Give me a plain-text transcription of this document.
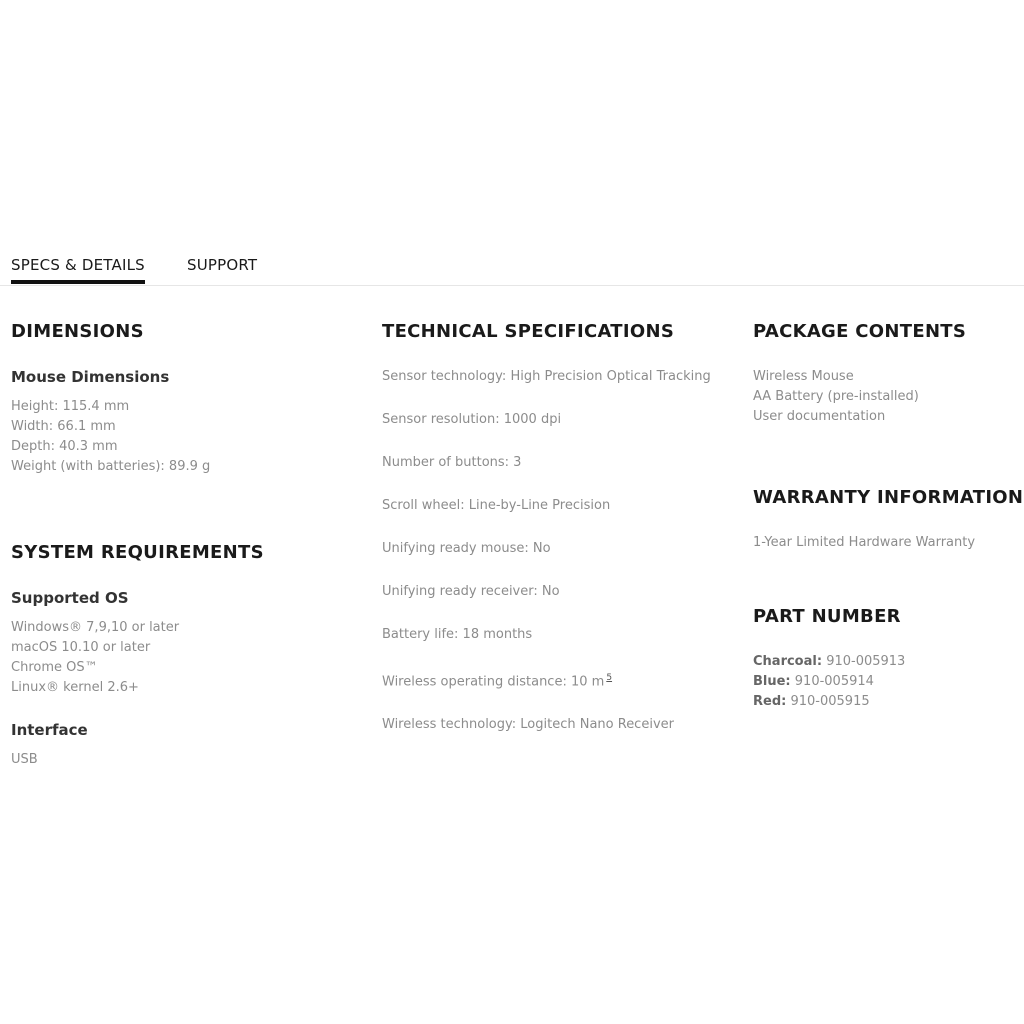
SPECS & DETAILS	SUPPORT
DIMENSIONS
Mouse Dimensions
Height: 115.4 mm
Width: 66.1 mm
Depth: 40.3 mm
Weight (with batteries): 89.9 g
SYSTEM REQUIREMENTS
Supported OS
Windows® 7,9,10 or later
macOS 10.10 or later
Chrome OS™
Linux® kernel 2.6+
Interface
USB
TECHNICAL SPECIFICATIONS
Sensor technology: High Precision Optical Tracking
Sensor resolution: 1000 dpi
Number of buttons: 3
Scroll wheel: Line-by-Line Precision
Unifying ready mouse: No
Unifying ready receiver: No
Battery life: 18 months
Wireless operating distance: 10 m $^5$
Wireless technology: Logitech Nano Receiver
PACKAGE CONTENTS
Wireless Mouse
AA Battery (pre-installed)
User documentation
WARRANTY INFORMATION
1-Year Limited Hardware Warranty
PART NUMBER
Charcoal: 910-005913
Blue: 910-005914
Red: 910-005915
